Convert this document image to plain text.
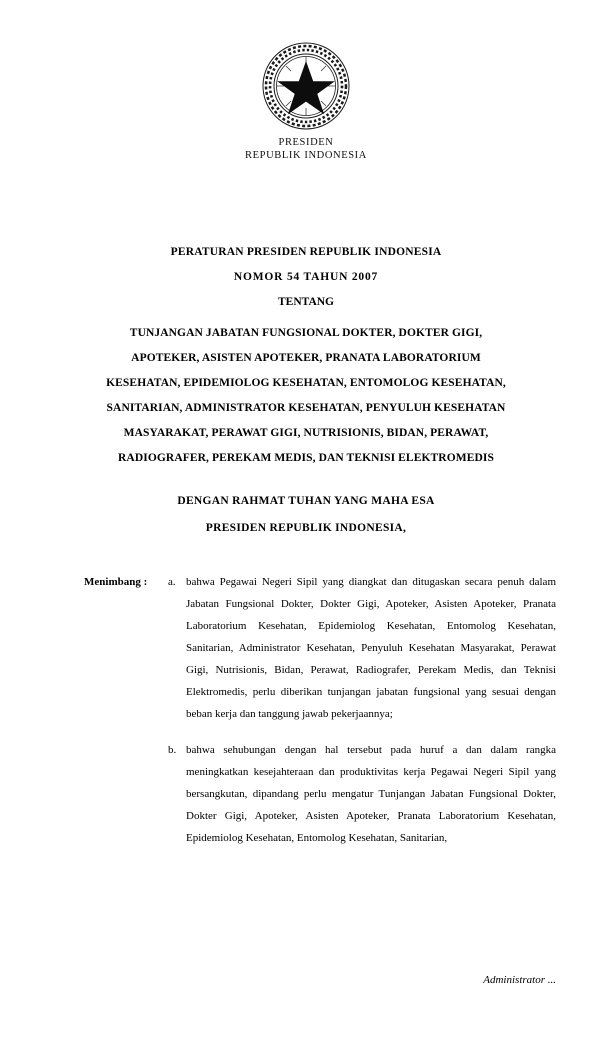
PRESIDEN
REPUBLIK INDONESIA
PERATURAN PRESIDEN REPUBLIK INDONESIA
NOMOR 54 TAHUN 2007
TENTANG
TUNJANGAN JABATAN FUNGSIONAL DOKTER, DOKTER GIGI,
APOTEKER, ASISTEN APOTEKER, PRANATA LABORATORIUM
KESEHATAN, EPIDEMIOLOG KESEHATAN, ENTOMOLOG KESEHATAN,
SANITARIAN, ADMINISTRATOR KESEHATAN, PENYULUH KESEHATAN
MASYARAKAT, PERAWAT GIGI, NUTRISIONIS, BIDAN, PERAWAT,
RADIOGRAFER, PEREKAM MEDIS, DAN TEKNISI ELEKTROMEDIS
DENGAN RAHMAT TUHAN YANG MAHA ESA
PRESIDEN REPUBLIK INDONESIA,
Menimbang :	a. bahwa Pegawai Negeri Sipil yang diangkat dan ditugaskan secara penuh dalam Jabatan Fungsional Dokter, Dokter Gigi, Apoteker, Asisten Apoteker, Pranata Laboratorium Kesehatan, Epidemiolog Kesehatan, Entomolog Kesehatan, Sanitarian, Administrator Kesehatan, Penyuluh Kesehatan Masyarakat, Perawat Gigi, Nutrisionis, Bidan, Perawat, Radiografer, Perekam Medis, dan Teknisi Elektromedis, perlu diberikan tunjangan jabatan fungsional yang sesuai dengan beban kerja dan tanggung jawab pekerjaannya;
b. bahwa sehubungan dengan hal tersebut pada huruf a dan dalam rangka meningkatkan kesejahteraan dan produktivitas kerja Pegawai Negeri Sipil yang bersangkutan, dipandang perlu mengatur Tunjangan Jabatan Fungsional Dokter, Dokter Gigi, Apoteker, Asisten Apoteker, Pranata Laboratorium Kesehatan, Epidemiolog Kesehatan, Entomolog Kesehatan, Sanitarian,
Administrator ...
